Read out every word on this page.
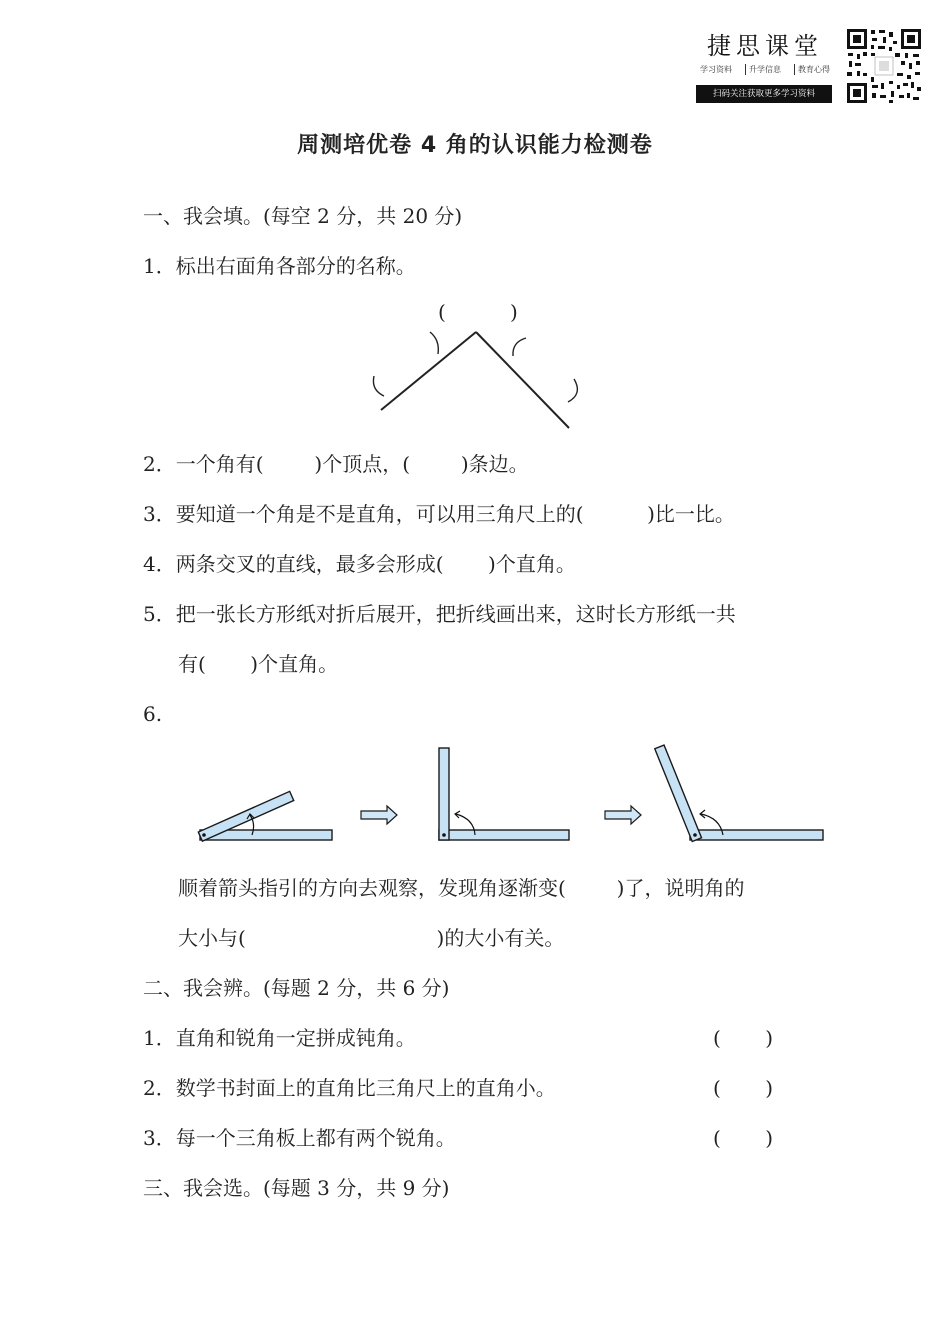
捷思课堂
学习资料	升学信息	教育心得
扫码关注获取更多学习资料
周测培优卷 4 角的认识能力检测卷
一、我会填。(每空 2 分，共 20 分)
1．标出右面角各部分的名称。
(	)
2．一个角有(        )个顶点，(        )条边。
3．要知道一个角是不是直角，可以用三角尺上的(          )比一比。
4．两条交叉的直线，最多会形成(       )个直角。
5．把一张长方形纸对折后展开，把折线画出来，这时长方形纸一共
有(       )个直角。
6.
顺着箭头指引的方向去观察，发现角逐渐变(        )了，说明角的
大小与(                              )的大小有关。
二、我会辨。(每题 2 分，共 6 分)
1．直角和锐角一定拼成钝角。	(       )
2．数学书封面上的直角比三角尺上的直角小。	(       )
3．每一个三角板上都有两个锐角。	(       )
三、我会选。(每题 3 分，共 9 分)
